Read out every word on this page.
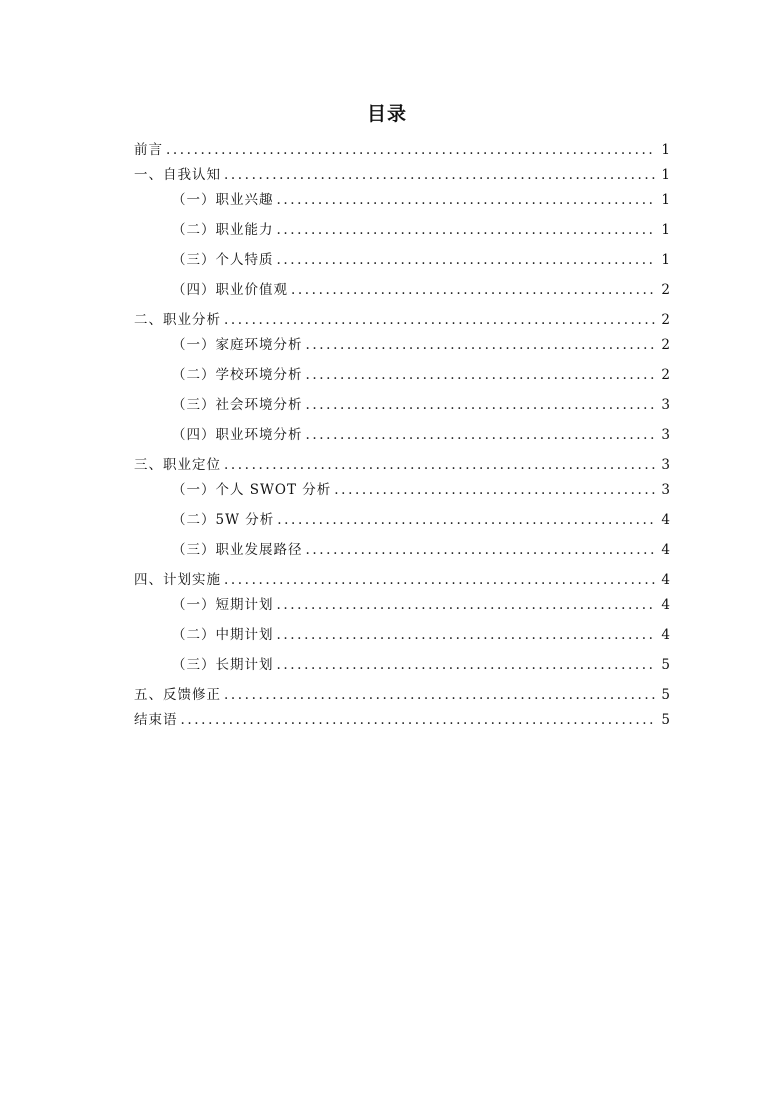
目录
前言 .....	1
一、自我认知 .....	1
（一）职业兴趣 .....	1
（二）职业能力 .....	1
（三）个人特质 .....	1
（四）职业价值观 .....	2
二、职业分析 .....	2
（一）家庭环境分析 .....	2
（二）学校环境分析 .....	2
（三）社会环境分析 .....	3
（四）职业环境分析 .....	3
三、职业定位 .....	3
（一）个人 SWOT 分析 .....	3
（二）5W 分析 .....	4
（三）职业发展路径 .....	4
四、计划实施 .....	4
（一）短期计划 .....	4
（二）中期计划 .....	4
（三）长期计划 .....	5
五、反馈修正 .....	5
结束语 .....	5
